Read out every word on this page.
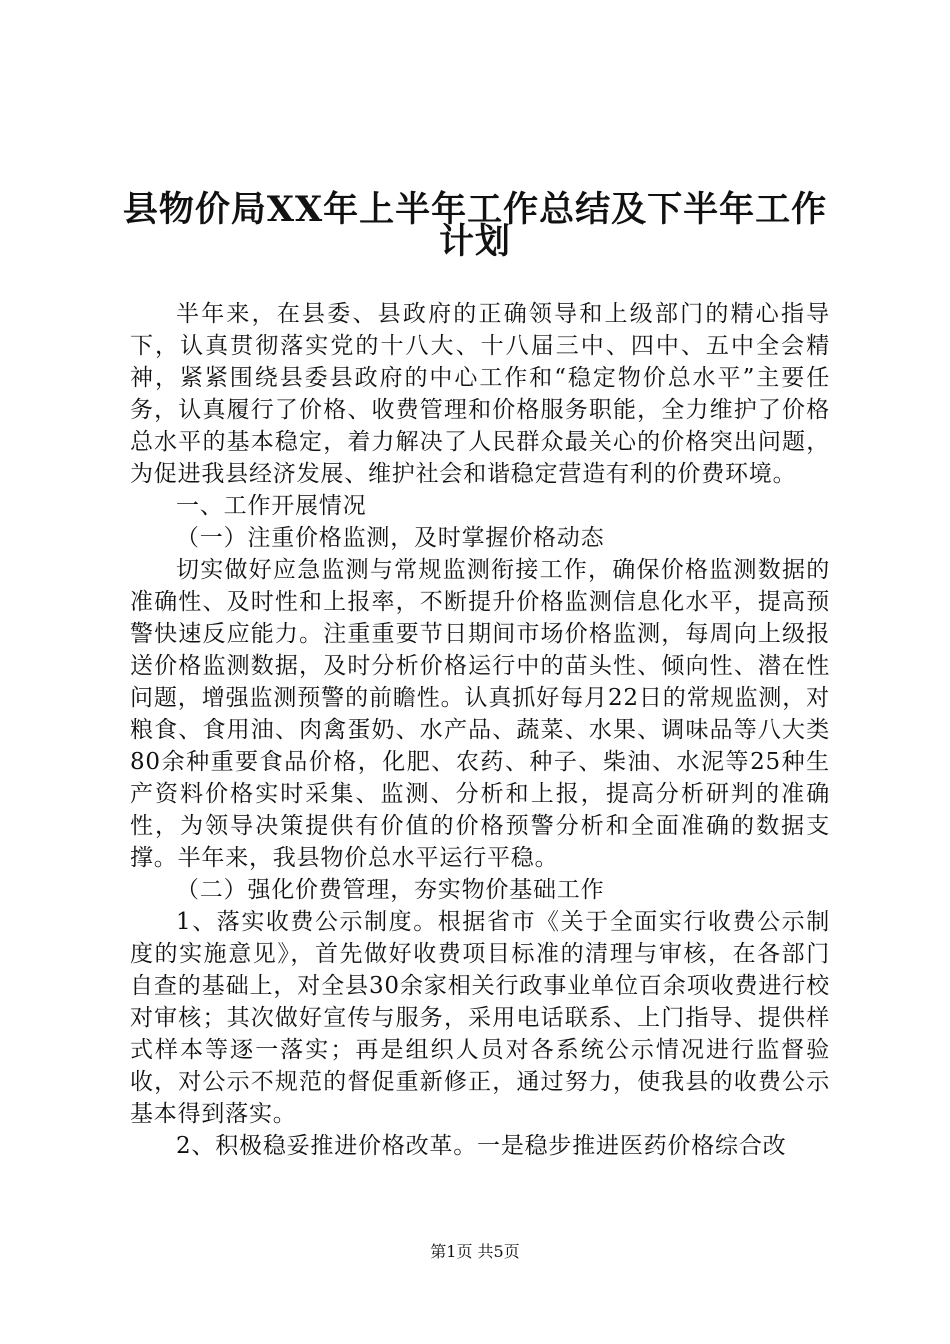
县物价局XX年上半年工作总结及下半年工作
计划

半年来，在县委、县政府的正确领导和上级部门的精心指导下，认真贯彻落实党的十八大、十八届三中、四中、五中全会精神，紧紧围绕县委县政府的中心工作和“稳定物价总水平”主要任务，认真履行了价格、收费管理和价格服务职能，全力维护了价格总水平的基本稳定，着力解决了人民群众最关心的价格突出问题，为促进我县经济发展、维护社会和谐稳定营造有利的价费环境。

一、工作开展情况

（一）注重价格监测，及时掌握价格动态

切实做好应急监测与常规监测衔接工作，确保价格监测数据的准确性、及时性和上报率，不断提升价格监测信息化水平，提高预警快速反应能力。注重重要节日期间市场价格监测，每周向上级报送价格监测数据，及时分析价格运行中的苗头性、倾向性、潜在性问题，增强监测预警的前瞻性。认真抓好每月22日的常规监测，对粮食、食用油、肉禽蛋奶、水产品、蔬菜、水果、调味品等八大类80余种重要食品价格，化肥、农药、种子、柴油、水泥等25种生产资料价格实时采集、监测、分析和上报，提高分析研判的准确性，为领导决策提供有价值的价格预警分析和全面准确的数据支撑。半年来，我县物价总水平运行平稳。

（二）强化价费管理，夯实物价基础工作

1、落实收费公示制度。根据省市《关于全面实行收费公示制度的实施意见》，首先做好收费项目标准的清理与审核，在各部门自查的基础上，对全县30余家相关行政事业单位百余项收费进行校对审核；其次做好宣传与服务，采用电话联系、上门指导、提供样式样本等逐一落实；再是组织人员对各系统公示情况进行监督验收，对公示不规范的督促重新修正，通过努力，使我县的收费公示基本得到落实。

2、积极稳妥推进价格改革。一是稳步推进医药价格综合改

第1页 共5页
